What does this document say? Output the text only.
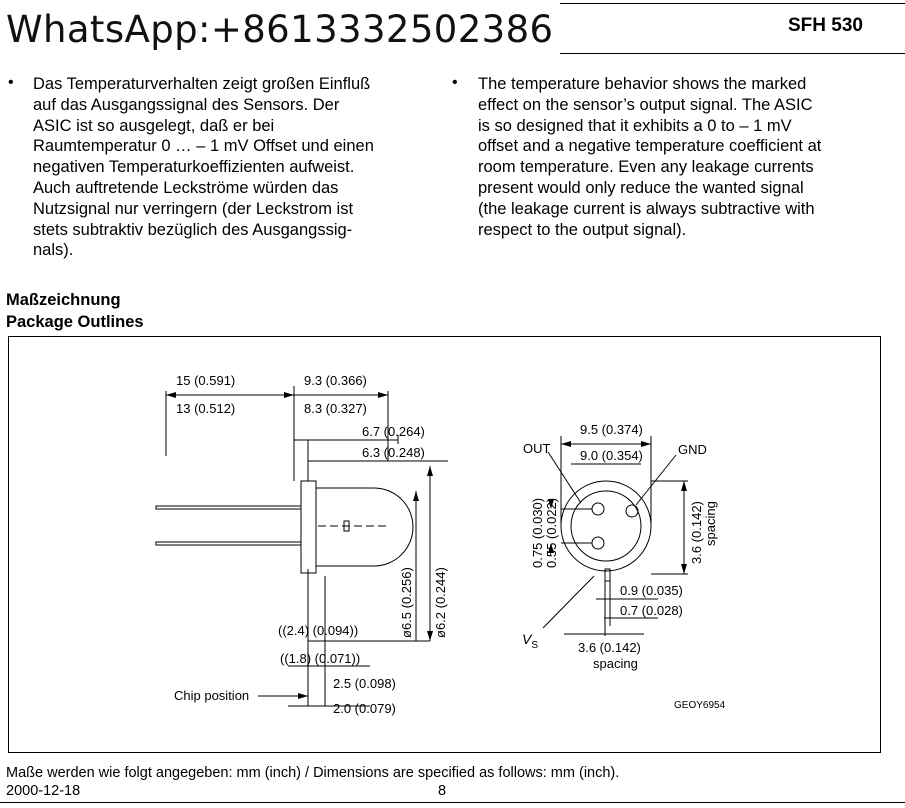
WhatsApp:+8613332502386	SFH 530
• Das Temperaturverhalten zeigt großen Einfluß

auf das Ausgangssignal des Sensors. Der

ASIC ist so ausgelegt, daß er bei

Raumtemperatur 0 … – 1 mV Offset und einen

negativen Temperaturkoeffizienten aufweist.

Auch auftretende Leckströme würden das

Nutzsignal nur verringern (der Leckstrom ist

stets subtraktiv bezüglich des Ausgangssig-

nals).

• The temperature behavior shows the marked

effect on the sensor’s output signal. The ASIC

is so designed that it exhibits a 0 to – 1 mV

offset and a negative temperature coefficient at

room temperature. Even any leakage currents

present would only reduce the wanted signal

(the leakage current is always subtractive with

respect to the output signal).

Maßzeichnung
Package Outlines
15 (0.591)
13 (0.512)
9.3 (0.366)
8.3 (0.327)
6.7 (0.264)
6.3 (0.248)
ø6.5 (0.256) ø6.2 (0.244)
((2.4) (0.094))
((1.8) (0.071))
2.5 (0.098)
2.0 (0.079)
Chip position
9.5 (0.374)
9.0 (0.354)
OUT	GND
0.75 (0.030) 0.55 (0.022)	3.6 (0.142) spacing
0.9 (0.035)
0.7 (0.028)
$V_S$	3.6 (0.142)
spacing
GEOY6954
Maße werden wie folgt angegeben: mm (inch) / Dimensions are specified as follows: mm (inch).
2000-12-18	8
